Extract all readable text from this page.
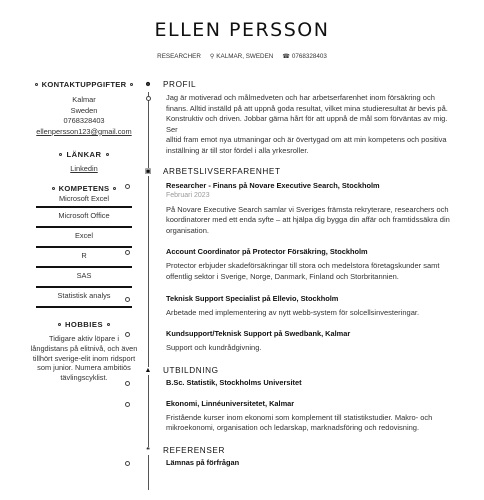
ELLEN PERSSON
RESEARCHER ⚲ KALMAR, SWEDEN ☎ 0768328403
KONTAKTUPPGIFTER
Kalmar
Sweden
0768328403
ellenpersson123@gmail.com
LÄNKAR
Linkedin
KOMPETENS
Microsoft Excel
Microsoft Office
Excel
R
SAS
Statistisk analys
HOBBIES
Tidigare aktiv löpare i
långdistans på elitnivå, och även
tillhört sverige-elit inom ridsport
som junior. Numera ambitiös
tävlingscyklist.
☻	PROFIL
Jag är motiverad och målmedveten och har arbetserfarenhet inom försäkring och
finans. Alltid inställd på att uppnå goda resultat, vilket mina studieresultat är bevis på.
Konstruktiv och driven. Jobbar gärna hårt för att uppnå de mål som förväntas av mig. Ser
alltid fram emot nya utmaningar och är övertygad om att min kompetens och positiva
inställning är till stor fördel i alla yrkesroller.
▣	ARBETSLIVSERFARENHET
Researcher - Finans på Novare Executive Search, Stockholm
Februari 2023
På Novare Executive Search samlar vi Sveriges främsta rekryterare, researchers och
koordinatorer med ett enda syfte – att hjälpa dig bygga din affär och framtidssäkra din
organisation.
Account Coordinator på Protector Försäkring, Stockholm
Protector erbjuder skadeförsäkringar till stora och medelstora företagskunder samt
offentlig sektor i Sverige, Norge, Danmark, Finland och Storbritannien.
Teknisk Support Specialist på Ellevio, Stockholm
Arbetade med implementering av nytt webb-system för solcellsinvesteringar.
Kundsupport/Teknisk Support på Swedbank, Kalmar
Support och kundrådgivning.
▲	UTBILDNING
B.Sc. Statistik, Stockholms Universitet
Ekonomi, Linnéuniversitetet, Kalmar
Fristående kurser inom ekonomi som komplement till statistikstudier. Makro- och
mikroekonomi, organisation och ledarskap, marknadsföring och redovisning.
❝	REFERENSER
Lämnas på förfrågan
